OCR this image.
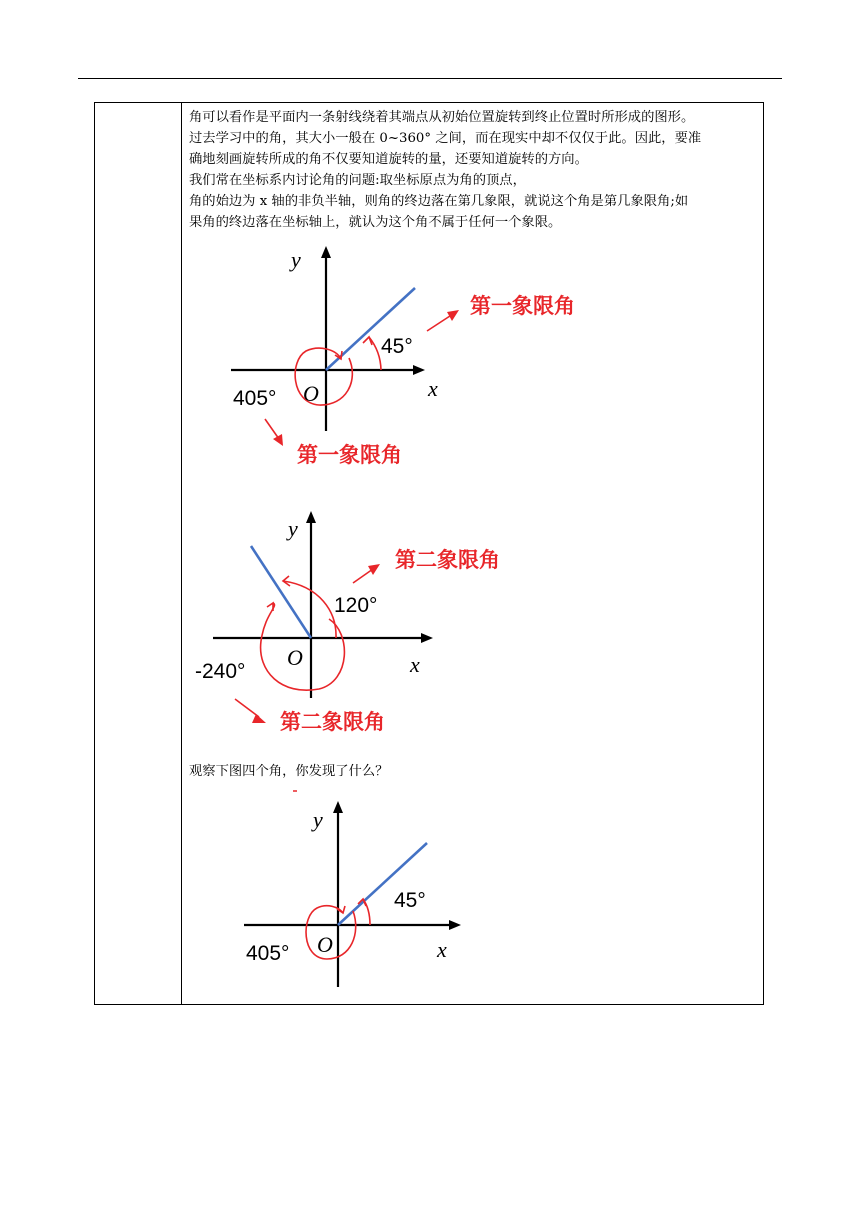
角可以看作是平面内一条射线绕着其端点从初始位置旋转到终止位置时所形成的图形。
过去学习中的角，其大小一般在 0~360° 之间，而在现实中却不仅仅于此。因此，要准
确地刻画旋转所成的角不仅要知道旋转的量，还要知道旋转的方向。
我们常在坐标系内讨论角的问题:取坐标原点为角的顶点，
角的始边为 x 轴的非负半轴，则角的终边落在第几象限，就说这个角是第几象限角;如
果角的终边落在坐标轴上，就认为这个角不属于任何一个象限。
y
x
O
45°
405°
第一象限角
第一象限角
y
x
O
120°
-240°
第二象限角
第二象限角
观察下图四个角，你发现了什么？
y
x
O
45°
405°
